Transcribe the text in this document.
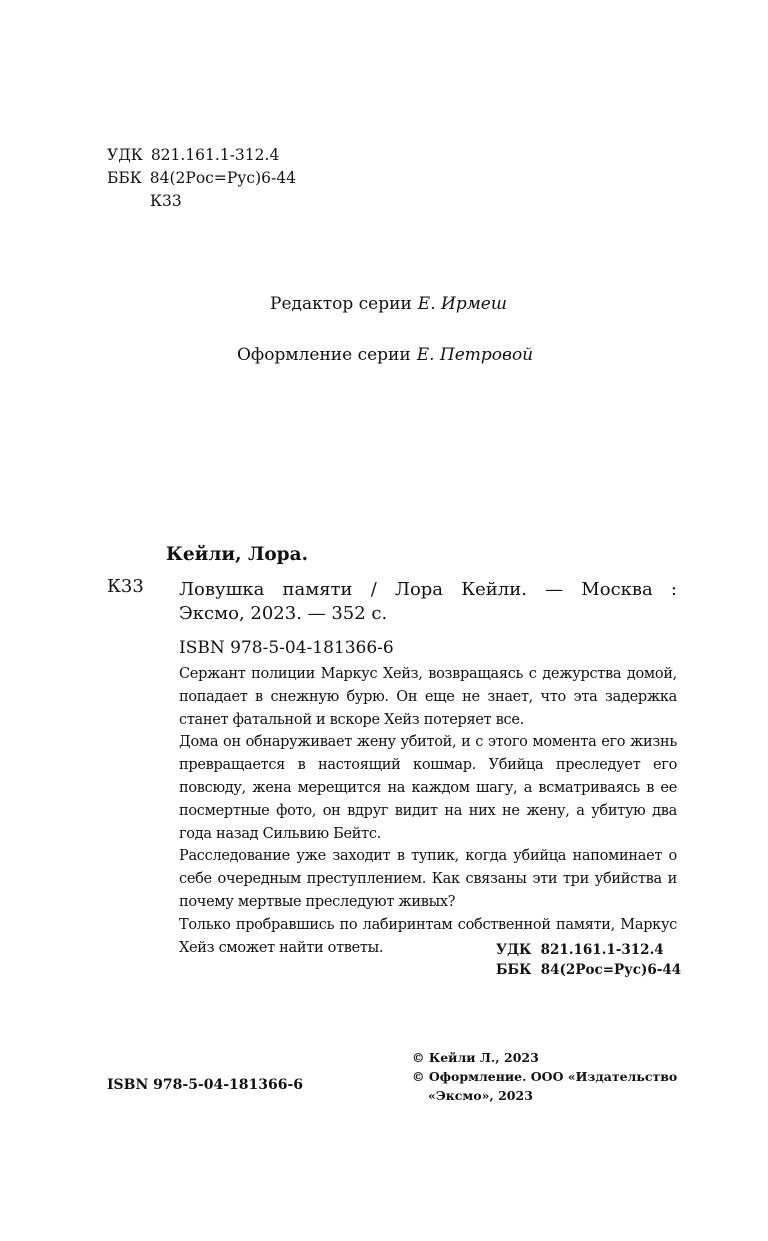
УДК 821.161.1-312.4
ББК 84(2Рос=Рус)6-44
К33
Редактор серии Е. Ирмеш
Оформление серии Е. Петровой
Кейли, Лора.
К33 Ловушка памяти / Лора Кейли. — Москва :
Эксмо, 2023. — 352 с.
ISBN 978-5-04-181366-6

Сержант полиции Маркус Хейз, возвращаясь с дежурства домой, попадает в снежную бурю. Он еще не знает, что эта задержка станет фатальной и вскоре Хейз потеряет все.

Дома он обнаруживает жену убитой, и с этого момента его жизнь превращается в настоящий кошмар. Убийца преследует его повсюду, жена мерещится на каждом шагу, а всматриваясь в ее посмертные фото, он вдруг видит на них не жену, а убитую два года назад Сильвию Бейтс.

Расследование уже заходит в тупик, когда убийца напоминает о себе очередным преступлением. Как связаны эти три убийства и почему мертвые преследуют живых?

Только пробравшись по лабиринтам собственной памяти, Маркус Хейз сможет найти ответы.	УДК  821.161.1-312.4
ББК  84(2Рос=Рус)6-44
© Кейли Л., 2023
© Оформление. ООО «Издательство
«Эксмо», 2023
ISBN 978-5-04-181366-6
